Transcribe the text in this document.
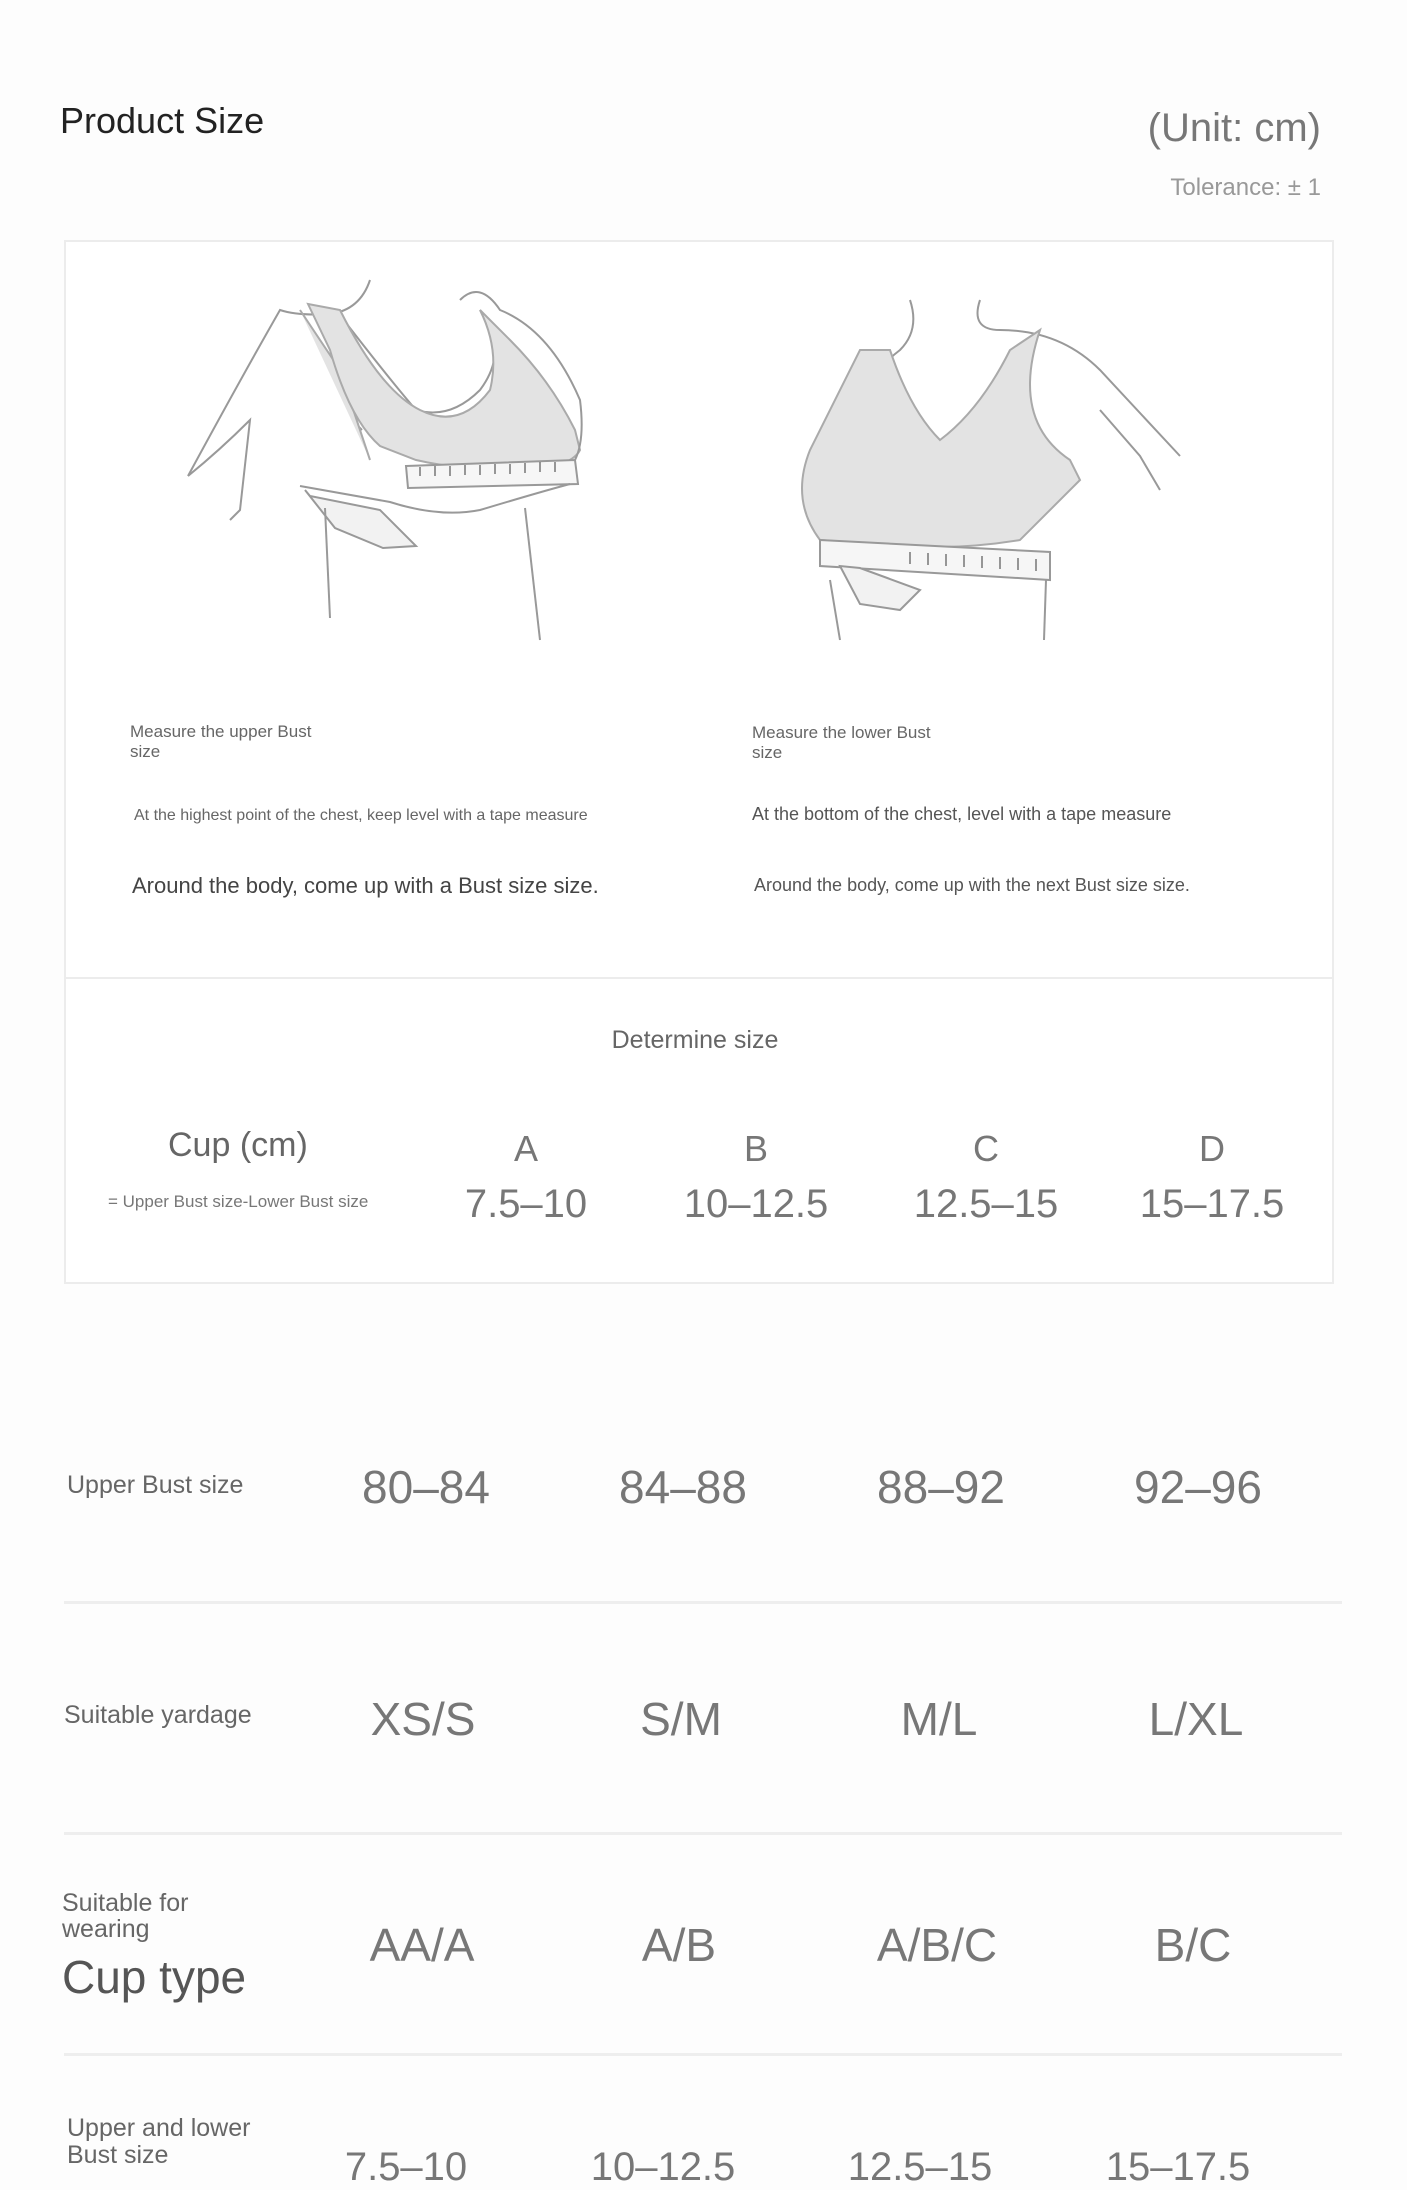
Product Size	(Unit: cm)
Tolerance: ± 1
Measure the upper Bust
size
At the highest point of the chest, keep level with a tape measure
Around the body, come up with a Bust size size.
Measure the lower Bust
size
At the bottom of the chest, level with a tape measure
Around the body, come up with the next Bust size size.
Determine size
Cup (cm)
= Upper Bust size-Lower Bust size
A	B	C	D
7.5–10	10–12.5	12.5–15	15–17.5
Upper Bust size	80–84	84–88	88–92	92–96
Suitable yardage	XS/S	S/M	M/L	L/XL
Suitable for
wearing
Cup type
AA/A	A/B	A/B/C	B/C
Upper and lower
Bust size	7.5–10	10–12.5	12.5–15	15–17.5
